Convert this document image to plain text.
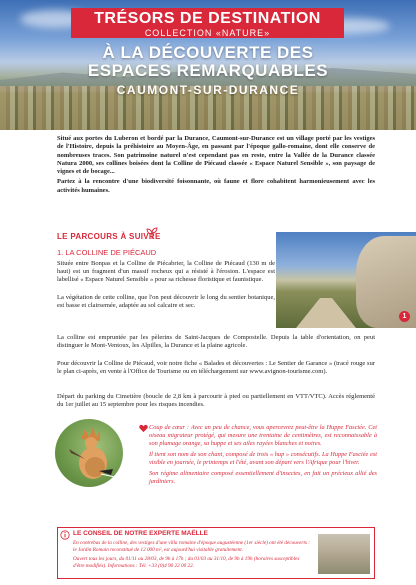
TRÉSORS DE DESTINATION
COLLECTION «NATURE»
À LA DÉCOUVERTE DES
ESPACES REMARQUABLES
CAUMONT-SUR-DURANCE

Situé aux portes du Luberon et bordé par la Durance, Caumont-sur-Durance est un village porté par les vestiges de l'Histoire, depuis la préhistoire au Moyen-Âge, en passant par l'époque gallo-romaine, dont elle conserve de nombreuses traces. Son patrimoine naturel n'est cependant pas en reste, entre la Vallée de la Durance classée Natura 2000, ses collines boisées dont la Colline de Piécaud classée « Espace Naturel Sensible », son paysage de vignes et de bocage...

Partez à la rencontre d'une biodiversité foisonnante, où faune et flore cohabitent harmonieusement avec les activités humaines.

LE PARCOURS À SUIVRE
1. LA COLLINE DE PIÉCAUD
1
Située entre Bonpas et la Colline de Piécabrier, la Colline de Piécaud (130 m de haut) est un fragment d'un massif rocheux qui a résisté à l'érosion. L'espace est labellisé « Espace Naturel Sensible » pour sa richesse floristique et faunistique.
La végétation de cette colline, que l'on peut découvrir le long du sentier botanique, est basse et clairsemée, adaptée au sol calcaire et sec.
La colline est empruntée par les pèlerins de Saint-Jacques de Compostelle. Depuis la table d'orientation, on peut distinguer le Mont-Ventoux, les Alpilles, la Durance et la plaine agricole.
Pour découvrir la Colline de Piécaud, voir notre fiche « Balades et découvertes : Le Sentier de Garance » (tracé rouge sur le plan ci-après, en vente à l'Office de Tourisme ou en téléchargement sur www.avignon-tourisme.com).
Départ du parking du Cimetière (boucle de 2,8 km à parcourir à pied ou partiellement en VTT/VTC). Accès réglementé du 1er juillet au 15 septembre pour les risques incendies.

Coup de cœur : Avec un peu de chance, vous apercevrez peut-être la Huppe Fasciée. Cet oiseau migrateur protégé, qui mesure une trentaine de centimètres, est reconnaissable à son plumage orange, sa huppe et ses ailes rayées blanches et noires.

Il tient son nom de son chant, composé de trois « hup » consécutifs. La Huppe Fasciée est visible en journée, le printemps et l'été, avant son départ vers l'Afrique pour l'hiver.

Son régime alimentaire composé essentiellement d'insectes, en fait un précieux allié des jardiniers.

LE CONSEIL DE NOTRE EXPERTE MAËLLE
En contrebas de la colline, des vestiges d'une villa romaine d'époque augustéenne (1er siècle) ont été découverts : le Jardin Romain reconstitué de 12 000 m², est aujourd'hui visitable gratuitement.
Ouvert tous les jours, du 01/11 au 28/03, de 9h à 17h ; du 01/03 au 31/10, de 9h à 19h (horaires susceptibles d'être modifiés). Informations : Tél. +33 (0)4 90 22 00 22.
